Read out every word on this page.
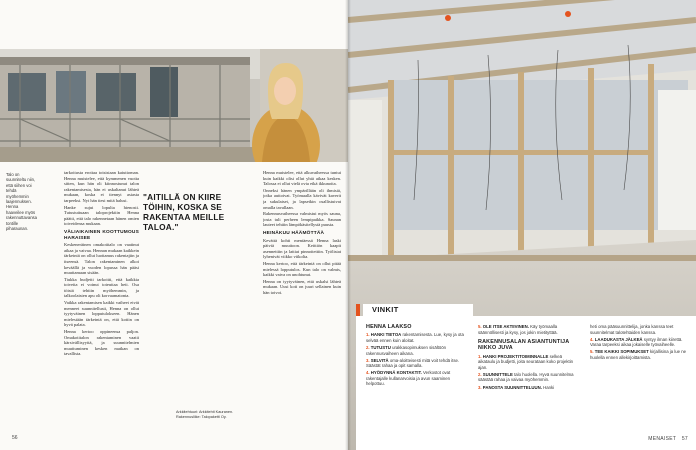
Talo on suunniteltu niin, että siihen voi tehdä myöhemmin laajennuksen. Henna haaveilee myös rakennuttavansa tontille piharaunan.

tarkoitusta erottaa toisistaan kaiuttoman. Henna muistelee, että kymmenen vuotta sitten, kun hän oli kiinnostunut talon rakentamisesta, hän ei uskaltanut lähteä mukaan, koska ei tiennyt asiasta tarpeeksi. Nyt hän tiesi mitä halusi.

Hanke sujui lopulta hienosti. Tutustuttuaan taloprojektiin Henna päätti, että talo rakennetaan hänen omien toiveidensa mukaan.

VÄLIAIKAINEN KOOTTUMOUS HARAISEE

Keskeneräinen omakotitalo on vaatinut aikaa ja vaivaa. Hennan mukaan kaikkein tärkeintä on ollut luottamus rakentajiin ja itseensä. Talon rakentaminen alkoi keväällä ja vuoden lopussa hän pääsi muuttamaan sisään.

Tiukka budjetti tarkoitti, että kaikkia toiveita ei voinut toteuttaa heti. Osa töistä tehtiin myöhemmin, ja talkoolaisten apu oli korvaamatonta.

Vaikka rakentamisen kaikki vaiheet eivät menneet suunnitellusti, Henna on ollut tyytyväinen lopputulokseen. Hänen mielestään tärkeintä on, että kotiin on hyvä palata.

Henna kertoo oppineensa paljon. Omakotitalon rakentaminen vaatii kärsivällisyyttä, ja suunnitelmien muuttuminen kesken matkan on tavallista.

"AITILLÄ ON KIIRE TÖIHIN, KOSKA SE RAKENTAA MEILLE TALOA."

Henna muistelee, että alkuvaiheessa tuntui kuin kaikki olisi ollut yhtä aikaa kesken. Talossa ei ollut vielä ovia eikä ikkunoita.

Onneksi hänen ympärillään oli ihmisiä, jotka auttoivat. Työmaalla kävivät kaverit ja sukulaiset, ja lapsetkin osallistuivat omalla tavallaan.

Rakennusvaiheessa valmistui myös sauna, josta tuli perheen lempipaikka. Saunan lauteet tehtiin lämpökäsitellystä puusta.

HEINÄKUU HÄÄMÖTTÄÄ

Kevättä kohti mentäessä Henna laski päiviä muuttoon. Keittiön kaapit asennettiin ja lattiat pinnoitettiin. Työlistat lyhenivät viikko viikolta.

Henna kertoo, että tärkeintä on ollut pitää mielessä lopputulos. Kun talo on valmis, kaikki vaiva on unohtunut.

Henna on tyytyväinen, että uskalsi lähteä mukaan. Uusi koti on juuri sellainen kuin hän toivoi.

Arkkitehtuuri: Arkkitehti Kauranen. Rakennusliike: Talopaketti Oy.
56
VINKIT
HENNA LAAKSO

1. HANKI TIETOA rakentamisesta. Lue, kysy ja ota selvää ennen kuin aloitat.

2. TUTUSTU urakkasopimuksen sisältöön rakennusvaiheen aikana.

3. SELVITÄ oma-aloitteisesti mitä voit tehdä itse. Säästät rahaa ja opit samalla.

4. HYÖDYNNÄ KONTAKTIT. Verkostot ovat rakentajalle kullanarvoisia ja avun saaminen helpottuu.

5. OLE ITSE AKTIIVINEN. Käy työmaalla säännöllisesti ja kysy, jos jokin mietityttää.

RAKENNUSALAN ASIANTUNTIJA NIKKO JUVA

1. HANKI PROJEKTITOIMINNALLE selkeä aikataulu ja budjetti, joita seurataan koko projektin ajan.

2. SUUNNITTELE talo huolella. Hyvä suunnitelma säästää rahaa ja vaivaa myöhemmin.

3. PANOSTA SUUNNITTELUUN. Hanki

heti oma pääsuunnittelija, jonka kanssa teet suunnitelmat talotehtaiden kanssa.

4. LAADUKASTA JÄLKEÄ syntyy ilman kiirettä. Varaa tarpeeksi aikaa jokaiselle työvaiheelle.

5. TEE KAIKKI SOPIMUKSET kirjallisina ja lue ne huolella ennen allekirjoittamista.

MENAISET 57
